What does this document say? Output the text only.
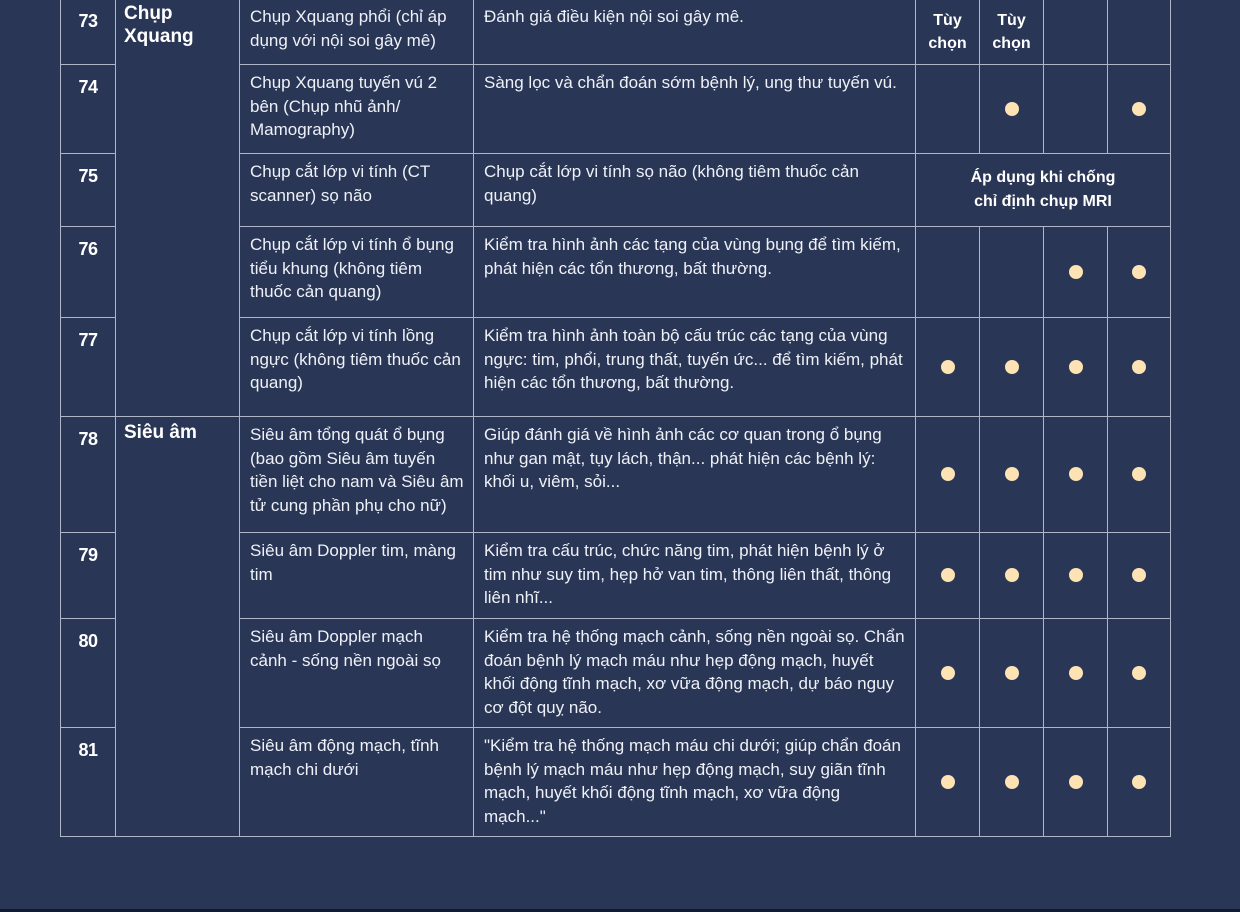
73	Chụp Xquang	Chụp Xquang phổi (chỉ áp dụng với nội soi gây mê)	Đánh giá điều kiện nội soi gây mê.	Tùy chọn	Tùy chọn		
74		Chụp Xquang tuyến vú 2 bên (Chụp nhũ ảnh/ Mamography)	Sàng lọc và chẩn đoán sớm bệnh lý, ung thư tuyến vú.				
75		Chụp cắt lớp vi tính (CT scanner) sọ não	Chụp cắt lớp vi tính sọ não (không tiêm thuốc cản quang)	Áp dụng khi chống chỉ định chụp MRI			

76		Chụp cắt lớp vi tính ổ bụng tiểu khung (không tiêm thuốc cản quang)	Kiểm tra hình ảnh các tạng của vùng bụng để tìm kiếm, phát hiện các tổn thương, bất thường.				
77		Chụp cắt lớp vi tính lồng ngực (không tiêm thuốc cản quang)	Kiểm tra hình ảnh toàn bộ cấu trúc các tạng của vùng ngực: tim, phổi, trung thất, tuyến ức... để tìm kiếm, phát hiện các tổn thương, bất thường.				
78	Siêu âm	Siêu âm tổng quát ổ bụng (bao gồm Siêu âm tuyến tiền liệt cho nam và Siêu âm tử cung phần phụ cho nữ)	Giúp đánh giá về hình ảnh các cơ quan trong ổ bụng như gan mật, tụy lách, thận... phát hiện các bệnh lý: khối u, viêm, sỏi...				
79		Siêu âm Doppler tim, màng tim	Kiểm tra cấu trúc, chức năng tim, phát hiện bệnh lý ở tim như suy tim, hẹp hở van tim, thông liên thất, thông liên nhĩ...				
80		Siêu âm Doppler mạch cảnh - sống nền ngoài sọ	Kiểm tra hệ thống mạch cảnh, sống nền ngoài sọ. Chẩn đoán bệnh lý mạch máu như hẹp động mạch, huyết khối động tĩnh mạch, xơ vữa động mạch, dự báo nguy cơ đột quỵ não.				
81		Siêu âm động mạch, tĩnh mạch chi dưới	"Kiểm tra hệ thống mạch máu chi dưới; giúp chẩn đoán bệnh lý mạch máu như hẹp động mạch, suy giãn tĩnh mạch, huyết khối động tĩnh mạch, xơ vữa động mạch..."				
